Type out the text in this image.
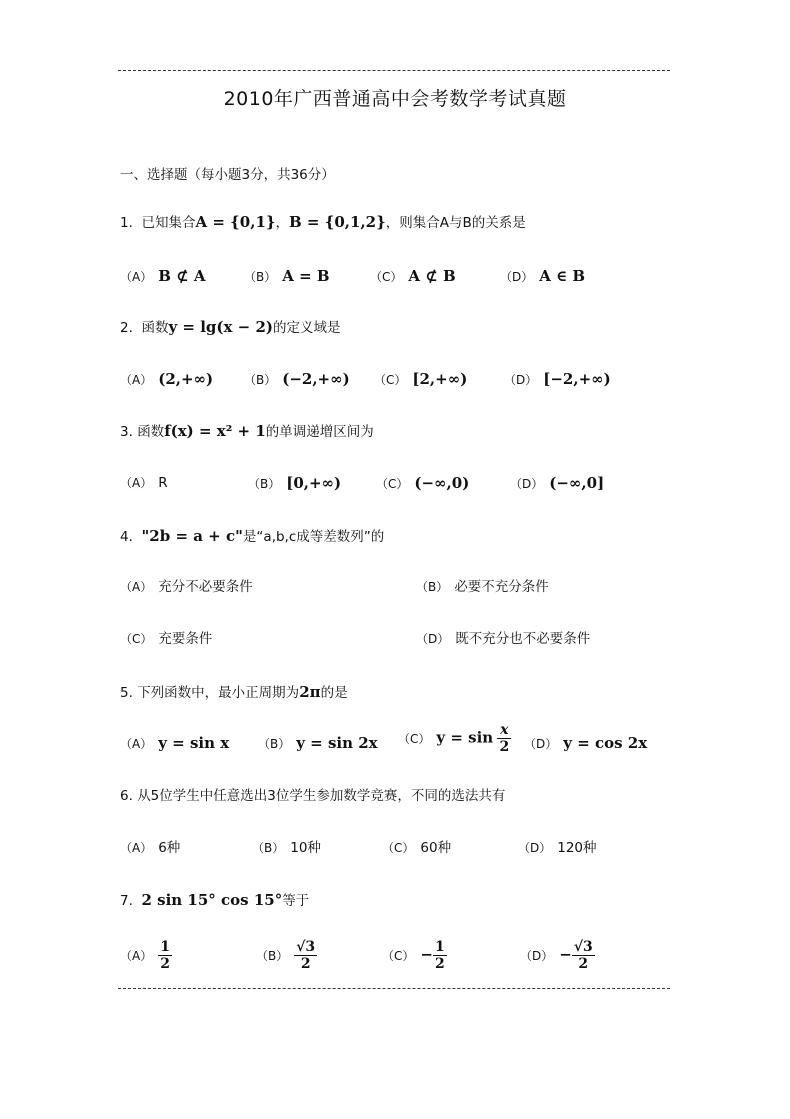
2010年广西普通高中会考数学考试真题
一、选择题（每小题3分，共36分）
1. 已知集合A = {0,1}，B = {0,1,2}，则集合A与B的关系是
（A） B ⊄ A	（B） A = B	（C） A ⊄ B	（D） A ∈ B
2. 函数y = lg(x − 2)的定义域是
（A） (2,+∞)	（B） (−2,+∞) （C） [2,+∞)	（D） [−2,+∞)
3. 函数f(x) = x² + 1的单调递增区间为
（A） R	（B） [0,+∞)	（C） (−∞,0)	（D） (−∞,0]
4. "2b = a + c"是“a,b,c成等差数列”的
（A） 充分不必要条件	（B） 必要不充分条件
（C） 充要条件	（D） 既不充分也不必要条件
5. 下列函数中，最小正周期为2π的是
（A） y = sin x （B） y = sin 2x （C） $y = \sin \frac{x}{2} (D) y = \cos 2x$
6. 从5位学生中任意选出3位学生参加数学竞赛，不同的选法共有
（A） 6种	（B） 10种	（C） 60种	（D） 120种
7. 2 sin 15° cos 15°等于
$(A) \frac{1}{2}$	$(B) \frac{√3}{2}$	$(C) - \frac{1}{2}$	$(D) - \frac{√3}{2}$
